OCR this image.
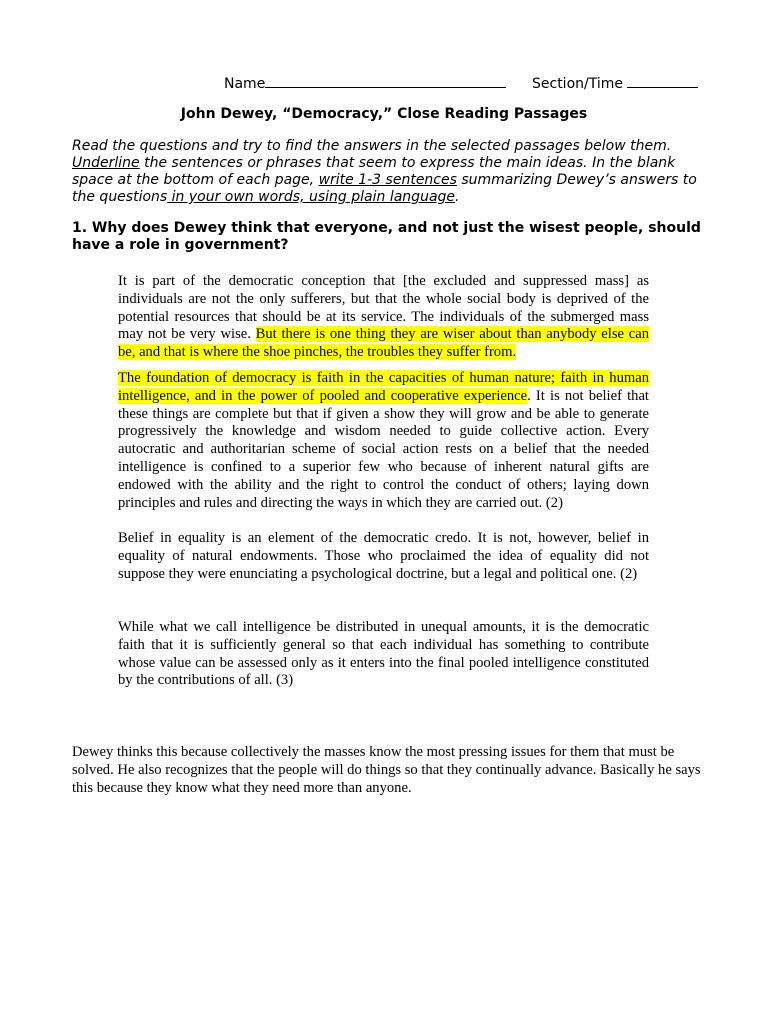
Name	Section/Time
John Dewey, “Democracy,” Close Reading Passages
Read the questions and try to find the answers in the selected passages below them. Underline the sentences or phrases that seem to express the main ideas. In the blank space at the bottom of each page, write 1-3 sentences summarizing Dewey’s answers to the questions in your own words, using plain language.
1. Why does Dewey think that everyone, and not just the wisest people, should have a role in government?
It is part of the democratic conception that [the excluded and suppressed mass] as individuals are not the only sufferers, but that the whole social body is deprived of the potential resources that should be at its service. The individuals of the submerged mass may not be very wise. But there is one thing they are wiser about than anybody else can be, and that is where the shoe pinches, the troubles they suffer from.
The foundation of democracy is faith in the capacities of human nature; faith in human intelligence, and in the power of pooled and cooperative experience. It is not belief that these things are complete but that if given a show they will grow and be able to generate progressively the knowledge and wisdom needed to guide collective action. Every autocratic and authoritarian scheme of social action rests on a belief that the needed intelligence is confined to a superior few who because of inherent natural gifts are endowed with the ability and the right to control the conduct of others; laying down principles and rules and directing the ways in which they are carried out. (2)
Belief in equality is an element of the democratic credo. It is not, however, belief in equality of natural endowments. Those who proclaimed the idea of equality did not suppose they were enunciating a psychological doctrine, but a legal and political one. (2)
While what we call intelligence be distributed in unequal amounts, it is the democratic faith that it is sufficiently general so that each individual has something to contribute whose value can be assessed only as it enters into the final pooled intelligence constituted by the contributions of all. (3)
Dewey thinks this because collectively the masses know the most pressing issues for them that must be solved. He also recognizes that the people will do things so that they continually advance. Basically he says this because they know what they need more than anyone.
